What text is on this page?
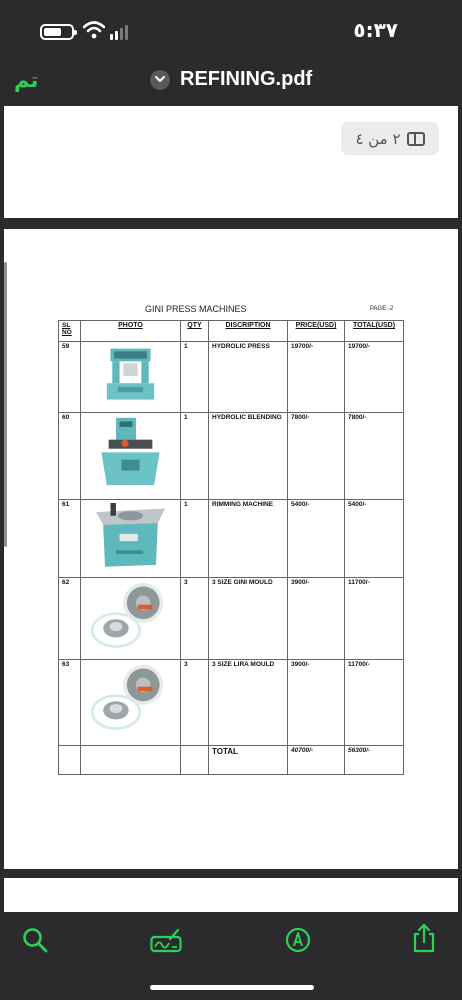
٥:٣٧
تم	REFINING.pdf
٢ من ٤
GINI PRESS MACHINES	PAGE:-2
SL NO	PHOTO	QTY	DISCRIPTION	PRICE(USD)	TOTAL(USD)
59		1	HYDROLIC PRESS	19700/-	19700/-
60		1	HYDROLIC BLENDING	7800/-	7800/-
61		1	RIMMING MACHINE	5400/-	5400/-
62		3	3 SIZE GINI MOULD	3900/-	11700/-
63		3	3 SIZE LIRA MOULD	3900/-	11700/-
			TOTAL	40700/-	56300/-
